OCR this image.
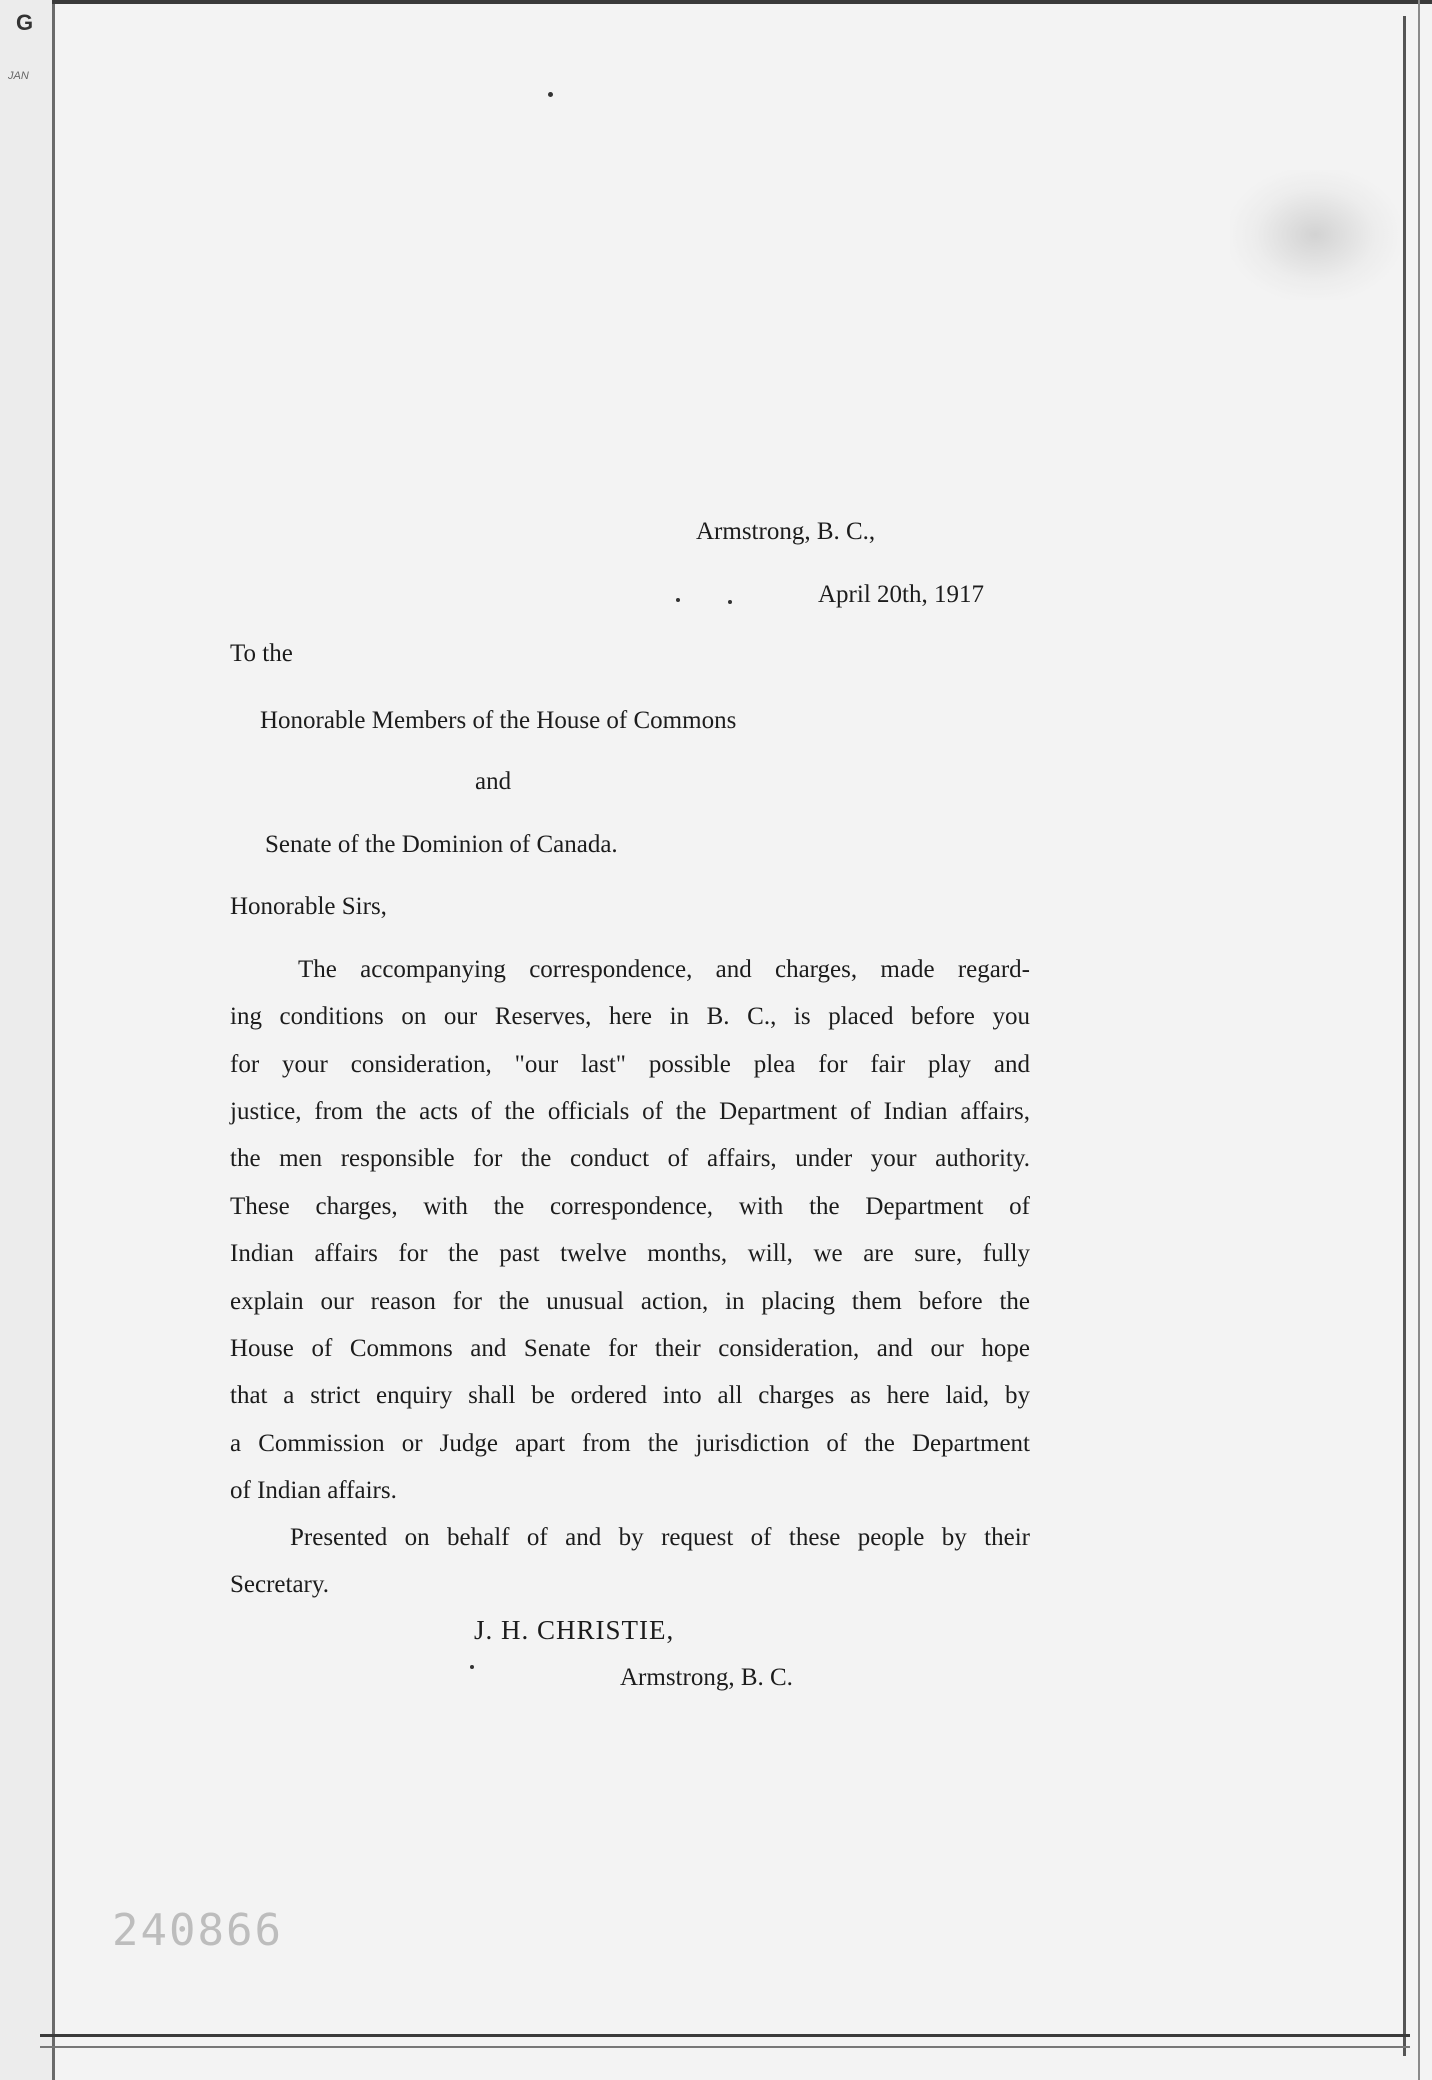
G
JAN
Armstrong, B. C.,
April 20th, 1917
To the
Honorable Members of the House of Commons
and
Senate of the Dominion of Canada.
Honorable Sirs,
The accompanying correspondence, and charges, made regard-
ing conditions on our Reserves, here in B. C., is placed before you
for your consideration, "our last" possible plea for fair play and
justice, from the acts of the officials of the Department of Indian affairs,
the men responsible for the conduct of affairs, under your authority.
These charges, with the correspondence, with the Department of
Indian affairs for the past twelve months, will, we are sure, fully
explain our reason for the unusual action, in placing them before the
House of Commons and Senate for their consideration, and our hope
that a strict enquiry shall be ordered into all charges as here laid, by
a Commission or Judge apart from the jurisdiction of the Department
of Indian affairs.
Presented on behalf of and by request of these people by their
Secretary.
J. H. CHRISTIE,
Armstrong, B. C.
240866
